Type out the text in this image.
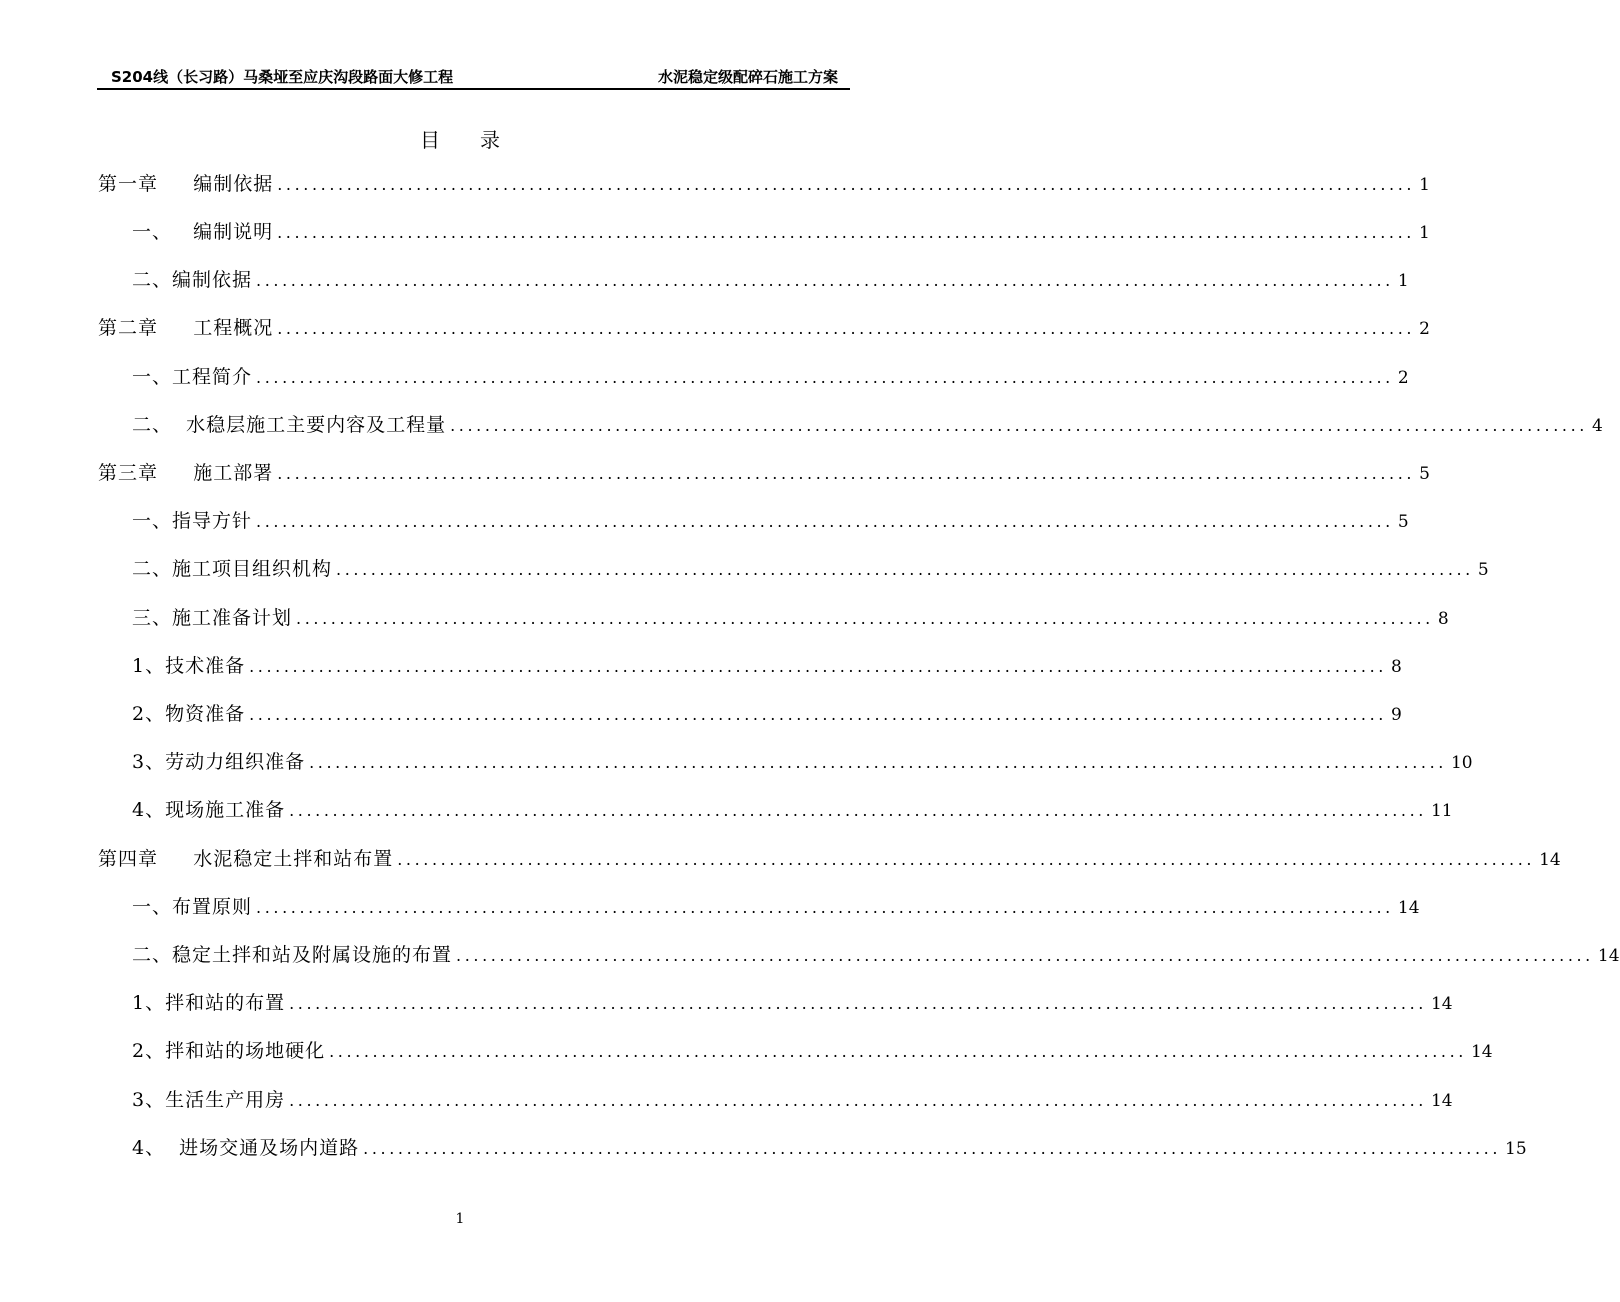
S204线（长习路）马桑垭至应庆沟段路面大修工程	水泥稳定级配碎石施工方案
目录
第一章     编制依据 ................................................................................................................................... 1
一、   编制说明 ................................................................................................................................... 1
二、编制依据 ................................................................................................................................... 1
第二章     工程概况 ................................................................................................................................... 2
一、工程简介 ................................................................................................................................... 2
二、  水稳层施工主要内容及工程量 ................................................................................................................................... 4
第三章     施工部署 ................................................................................................................................... 5
一、指导方针 ................................................................................................................................... 5
二、施工项目组织机构 ................................................................................................................................... 5
三、施工准备计划 ................................................................................................................................... 8
1、技术准备 ................................................................................................................................... 8
2、物资准备 ................................................................................................................................... 9
3、劳动力组织准备 ................................................................................................................................... 10
4、现场施工准备 ................................................................................................................................... 11
第四章     水泥稳定土拌和站布置 ................................................................................................................................... 14
一、布置原则 ................................................................................................................................... 14
二、稳定土拌和站及附属设施的布置 ................................................................................................................................... 14
1、拌和站的布置 ................................................................................................................................... 14
2、拌和站的场地硬化 ................................................................................................................................... 14
3、生活生产用房 ................................................................................................................................... 14
4、  进场交通及场内道路 ................................................................................................................................... 15
1
